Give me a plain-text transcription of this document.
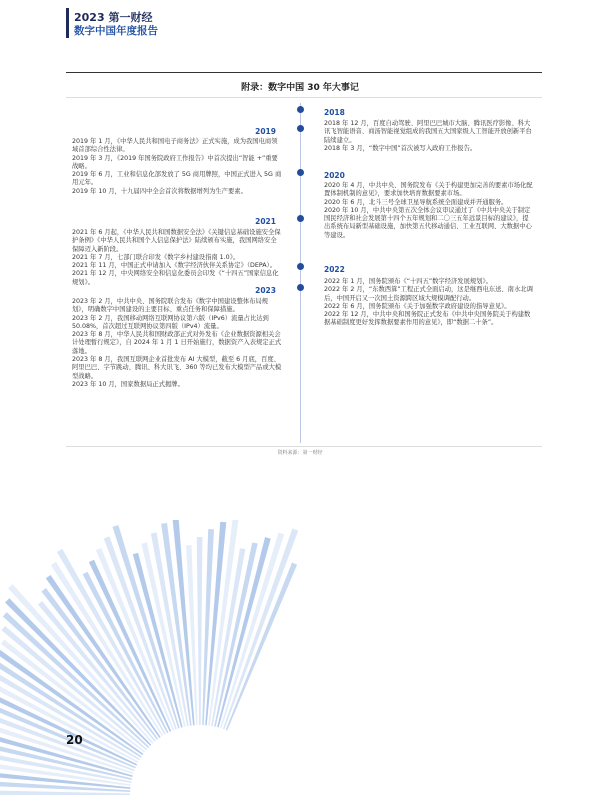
2023 第一财经
数字中国年度报告
附录：数字中国 30 年大事记
2018
2018 年 12 月，百度自动驾驶、阿里巴巴城市大脑、腾讯医疗影像、科大讯飞智能语音、商汤智能视觉组成的我国五大国家级人工智能开放创新平台陆续建立。
2018 年 3 月，“数字中国”首次被写入政府工作报告。
2019
2019 年 1 月，《中华人民共和国电子商务法》正式实施，成为我国电商领域首部综合性法律。
2019 年 3 月，《2019 年国务院政府工作报告》中首次提出“智能 +”重要战略。
2019 年 6 月，工业和信息化部发放了 5G 商用牌照，中国正式进入 5G 商用元年。
2019 年 10 月，十九届四中全会首次将数据增列为生产要素。
2020
2020 年 4 月，中共中央、国务院发布《关于构建更加完善的要素市场化配置体制机制的意见》，要求加快培育数据要素市场。
2020 年 6 月，北斗三号全球卫星导航系统全面建成并开通服务。
2020 年 10 月，中共中央第五次全体会议审议通过了《中共中央关于制定国民经济和社会发展第十四个五年规划和二〇三五年远景目标的建议》，提出系统布局新型基础设施，加快第五代移动通信、工业互联网、大数据中心等建设。
2021
2021 年 6 月起，《中华人民共和国数据安全法》《关键信息基础设施安全保护条例》《中华人民共和国个人信息保护法》陆续颁布实施，我国网络安全保障迈入新阶段。
2021 年 7 月，七部门联合印发《数字乡村建设指南 1.0》。
2021 年 11 月，中国正式申请加入《数字经济伙伴关系协定》（DEPA）。
2021 年 12 月，中央网络安全和信息化委员会印发《“十四五”国家信息化规划》。
2022
2022 年 1 月，国务院颁布《“十四五”数字经济发展规划》。
2022 年 2 月，“东数西算”工程正式全面启动，这是继西电东送、南水北调后，中国开启又一次国土资源跨区域大规模调配行动。
2022 年 6 月，国务院颁布《关于加强数字政府建设的指导意见》。
2022 年 12 月，中共中央和国务院正式发布《中共中央国务院关于构建数据基础制度更好发挥数据要素作用的意见》，即“数据二十条”。
2023
2023 年 2 月，中共中央、国务院联合发布《数字中国建设整体布局规划》，明确数字中国建设的主要目标、重点任务和保障措施。
2023 年 2 月，我国移动网络互联网协议第六版（IPv6）流量占比达到 50.08%，首次超过互联网协议第四版（IPv4）流量。
2023 年 8 月，中华人民共和国财政部正式对外发布《企业数据资源相关会计处理暂行规定》，自 2024 年 1 月 1 日开始施行，数据资产入表规定正式落地。
2023 年 8 月，我国互联网企业首批发布 AI 大模型，截至 6 月底，百度、阿里巴巴、字节跳动、腾讯、科大讯飞、360 等均已发布大模型产品或大模型战略。
2023 年 10 月，国家数据局正式揭牌。
资料来源：第一财经
20
